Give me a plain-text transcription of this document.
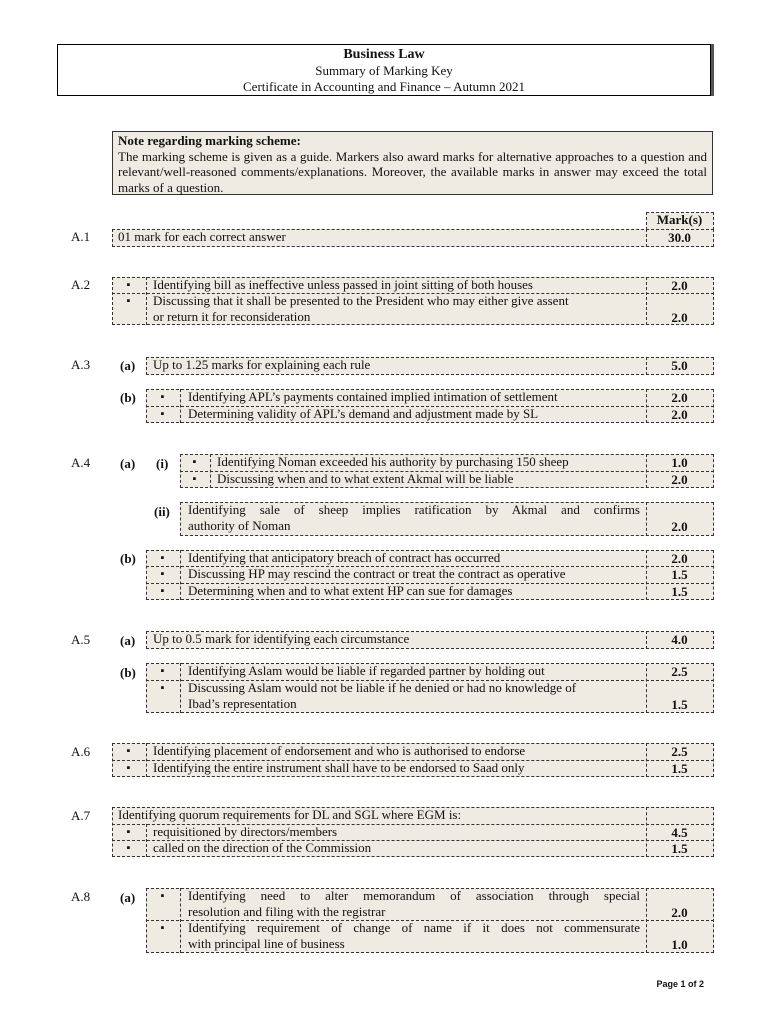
Business Law
Summary of Marking Key
Certificate in Accounting and Finance – Autumn 2021
Note regarding marking scheme:
The marking scheme is given as a guide. Markers also award marks for alternative approaches to a question and relevant/well-reasoned comments/explanations. Moreover, the available marks in answer may exceed the total marks of a question.
Mark(s)
A.1 01 mark for each correct answer	30.0
A.2	▪	Identifying bill as ineffective unless passed in joint sitting of both houses	2.0
▪	Discussing that it shall be presented to the President who may either give assent
or return it for reconsideration	2.0
A.3 (a) Up to 1.25 marks for explaining each rule	5.0
(b)	▪	Identifying APL’s payments contained implied intimation of settlement	2.0
▪	Determining validity of APL’s demand and adjustment made by SL	2.0
A.4 (a) (i)	▪	Identifying Noman exceeded his authority by purchasing 150 sheep	1.0
▪	Discussing when and to what extent Akmal will be liable	2.0
(ii) Identifying sale of sheep implies ratification by Akmal and confirms
authority of Noman	2.0
(b)	▪	Identifying that anticipatory breach of contract has occurred	2.0
▪	Discussing HP may rescind the contract or treat the contract as operative	1.5
▪	Determining when and to what extent HP can sue for damages	1.5
A.5 (a) Up to 0.5 mark for identifying each circumstance	4.0
(b)	▪	Identifying Aslam would be liable if regarded partner by holding out	2.5
▪	Discussing Aslam would not be liable if he denied or had no knowledge of
Ibad’s representation	1.5
A.6	▪	Identifying placement of endorsement and who is authorised to endorse	2.5
▪	Identifying the entire instrument shall have to be endorsed to Saad only	1.5
A.7 Identifying quorum requirements for DL and SGL where EGM is:
▪	requisitioned by directors/members	4.5
▪	called on the direction of the Commission	1.5
A.8 (a)	▪	Identifying need to alter memorandum of association through special
resolution and filing with the registrar	2.0
▪	Identifying requirement of change of name if it does not commensurate
with principal line of business	1.0
Page 1 of 2
